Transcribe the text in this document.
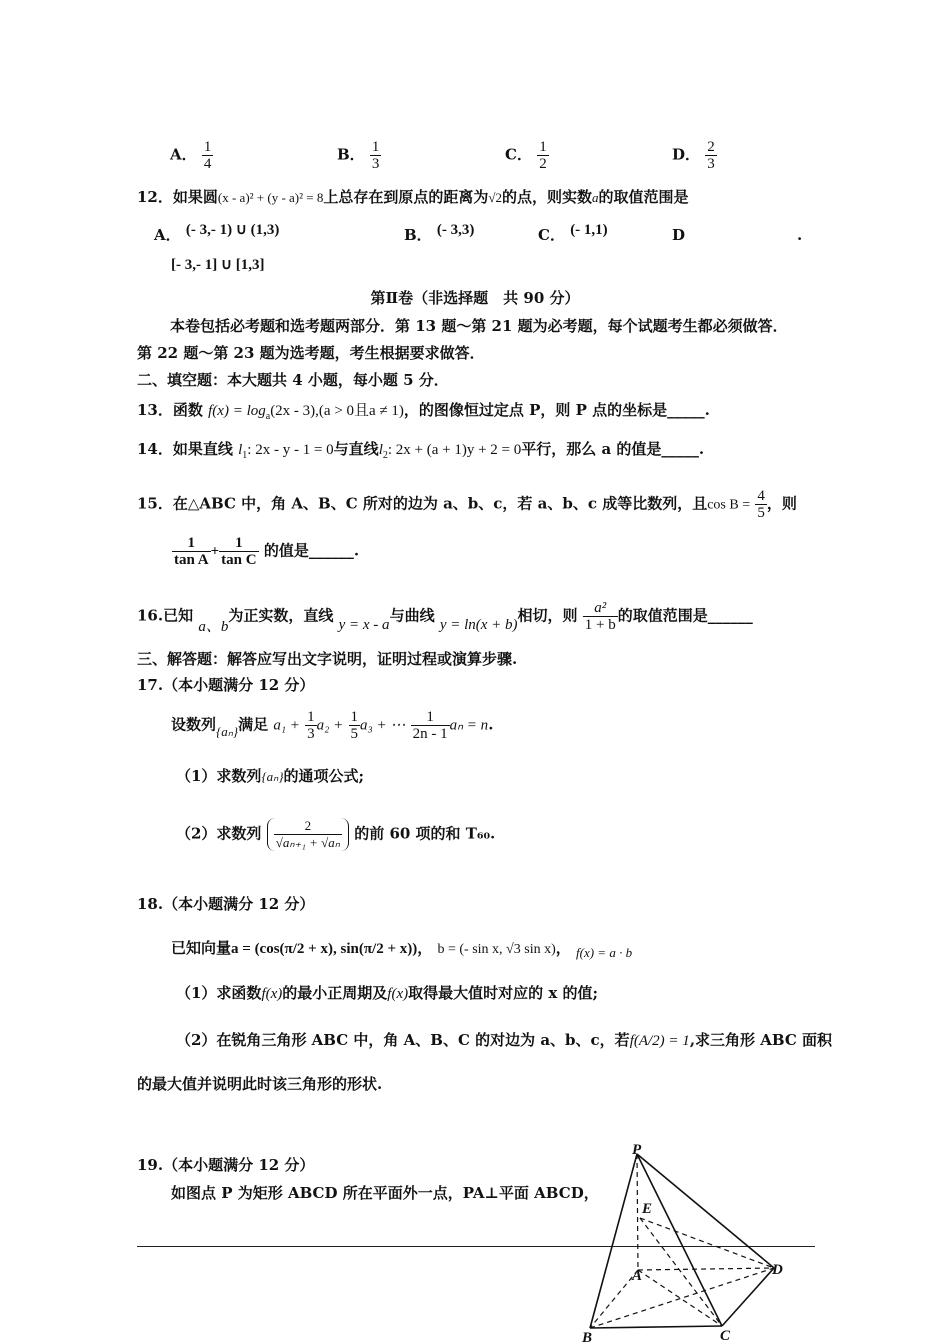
A． $\frac{1}{4}$	B． $\frac{1}{3}$	C． $\frac{1}{2}$	D． $\frac{2}{3}$
12．如果圆(x - a)² + (y - a)² = 8上总存在到原点的距离为√2的点，则实数a的取值范围是
A． (- 3,- 1) ∪ (1,3)	B． (- 3,3)	C． (- 1,1)	D	.
[- 3,- 1] ∪ [1,3]
第Ⅱ卷（非选择题　共 90 分）
本卷包括必考题和选考题两部分．第 13 题～第 21 题为必考题，每个试题考生都必须做答．
第 22 题～第 23 题为选考题，考生根据要求做答．
二、填空题：本大题共 4 小题，每小题 5 分．
13．函数 $f(x) = \log_a(2x - 3),(a > 0$且a ≠ 1)，的图像恒过定点 P，则 P 点的坐标是_____.
14．如果直线 $l_1$: 2x - y - 1 = 0与直线$l_2$: 2x + (a + 1)y + 2 = 0平行，那么 a 的值是_____.
15．在△ABC 中，角 A、B、C 所对的边为 a、b、c，若 a、b、c 成等比数列，且$\cos B = \frac{4}{5}$ ，则
$\frac{1}{\text{tan A}} + \frac{1}{\text{tan C}}$ 的值是______.
16.已知 a、b为正实数，直线 y = x - a与曲线 y = ln(x + b)相切，则 $\frac{\text{a²}}{1 + b}$ 的取值范围是______
三、解答题：解答应写出文字说明，证明过程或演算步骤.
17.（本小题满分 12 分）
设数列{aₙ}满足 $a_1 + \frac{1}{3} a_2 + \frac{1}{5} a_3$ + ⋯ $\frac{1}{2n - 1}$ aₙ = n.
（1）求数列{aₙ}的通项公式;
（2）求数列 $\frac{2}{\text{√aₙ₊₁ + √aₙ}}$ 的前 60 项的和 T₆₀.
18.（本小题满分 12 分）
已知向量a = (cos(π/2 + x), sin(π/2 + x))， b = (- sin x, √3 sin x)， f(x) = a · b
（1）求函数f(x)的最小正周期及f(x)取得最大值时对应的 x 的值;
（2）在锐角三角形 ABC 中，角 A、B、C 的对边为 a、b、c，若f(A/2) = 1,求三角形 ABC 面积
的最大值并说明此时该三角形的形状.
19.（本小题满分 12 分）
如图点 P 为矩形 ABCD 所在平面外一点，PA⊥平面 ABCD，
P
E
A	D
B	C
